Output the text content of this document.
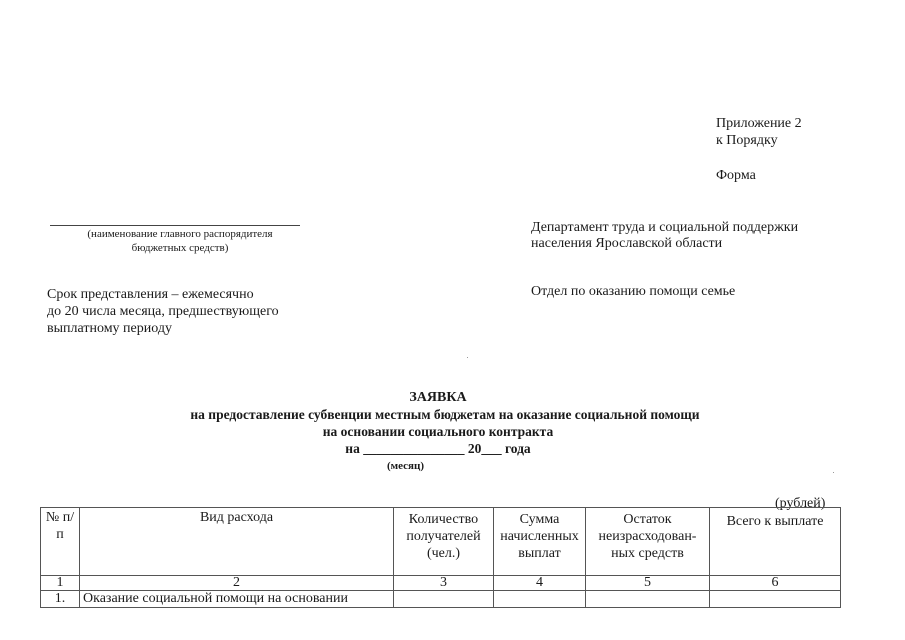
Приложение 2
к Порядку
Форма
(наименование главного распорядителя
бюджетных средств)
Департамент труда и социальной поддержки
населения Ярославской области
Отдел по оказанию помощи семье
Срок представления – ежемесячно
до 20 числа месяца, предшествующего
выплатному периоду
ЗАЯВКА
на предоставление субвенции местным бюджетам на оказание социальной помощи
на основании социального контракта
на _______________ 20___ года
(месяц)
(рублей)
№ п/п	Вид расхода	Количество получателей (чел.)	Сумма начисленных выплат	Остаток неизрасходован-ных средств	Всего к выплате
1	2	3	4	5	6
1.	Оказание социальной помощи на основании				
